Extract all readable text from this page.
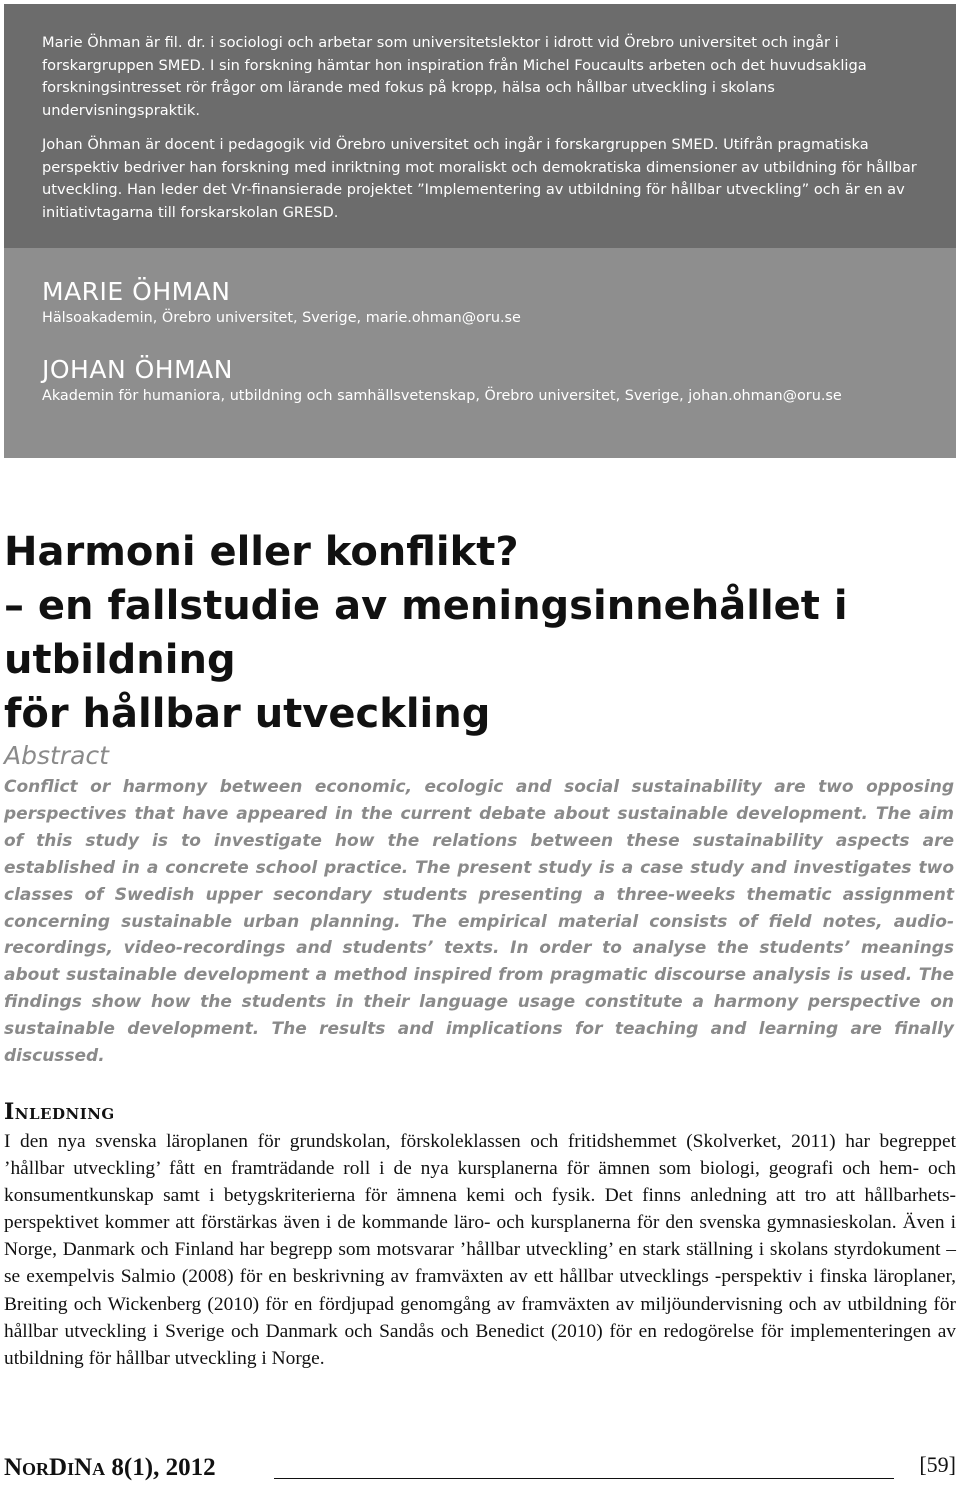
Marie Öhman är fil. dr. i sociologi och arbetar som universitetslektor i idrott vid Örebro universitet och ingår i forskargruppen SMED. I sin forskning hämtar hon inspiration från Michel Foucaults arbeten och det huvudsakliga forskningsintresset rör frågor om lärande med fokus på kropp, hälsa och hållbar utveckling i skolans undervisningspraktik.

Johan Öhman är docent i pedagogik vid Örebro universitet och ingår i forskargruppen SMED. Utifrån pragmatiska perspektiv bedriver han forskning med inriktning mot moraliskt och demokratiska dimensioner av utbildning för hållbar utveckling. Han leder det Vr-finansierade projektet ”Implementering av utbildning för hållbar utveckling” och är en av initiativtagarna till forskarskolan GRESD.

MARIE ÖHMAN

Hälsoakademin, Örebro universitet, Sverige, marie.ohman@oru.se

JOHAN ÖHMAN

Akademin för humaniora, utbildning och samhällsvetenskap, Örebro universitet, Sverige, johan.ohman@oru.se

Harmoni eller konflikt?
– en fallstudie av meningsinnehållet i utbildning
för hållbar utveckling

Abstract

Conflict or harmony between economic, ecologic and social sustainability are two opposing perspectives that have appeared in the current debate about sustainable development. The aim of this study is to investigate how the relations between these sustainability aspects are established in a concrete school practice. The present study is a case study and investigates two classes of Swedish upper secondary students presenting a three-weeks thematic assignment concerning sustainable urban planning. The empirical material consists of field notes, audio-recordings, video-recordings and students’ texts. In order to analyse the students’ meanings about sustainable development a method inspired from pragmatic discourse analysis is used. The findings show how the students in their language usage constitute a harmony perspective on sustainable development. The results and implications for teaching and learning are finally discussed.

Inledning

I den nya svenska läroplanen för grundskolan, förskoleklassen och fritidshemmet (Skolverket, 2011) har begreppet ’hållbar utveckling’ fått en framträdande roll i de nya kursplanerna för ämnen som biologi, geografi och hem- och konsumentkunskap samt i betygskriterierna för ämnena kemi och fysik. Det finns anledning att tro att hållbarhets-perspektivet kommer att förstärkas även i de kommande läro- och kursplanerna för den svenska gymnasieskolan. Även i Norge, Danmark och Finland har begrepp som motsvarar ’hållbar utveckling’ en stark ställning i skolans styrdokument – se exempelvis Salmio (2008) för en beskrivning av framväxten av ett hållbar utvecklings -perspektiv i finska läroplaner, Breiting och Wickenberg (2010) för en fördjupad genomgång av framväxten av miljöundervisning och av utbildning för hållbar utveckling i Sverige och Danmark och Sandås och Benedict (2010) för en redogörelse för implementeringen av utbildning för hållbar utveckling i Norge.

NorDiNa 8(1), 2012	[59]
